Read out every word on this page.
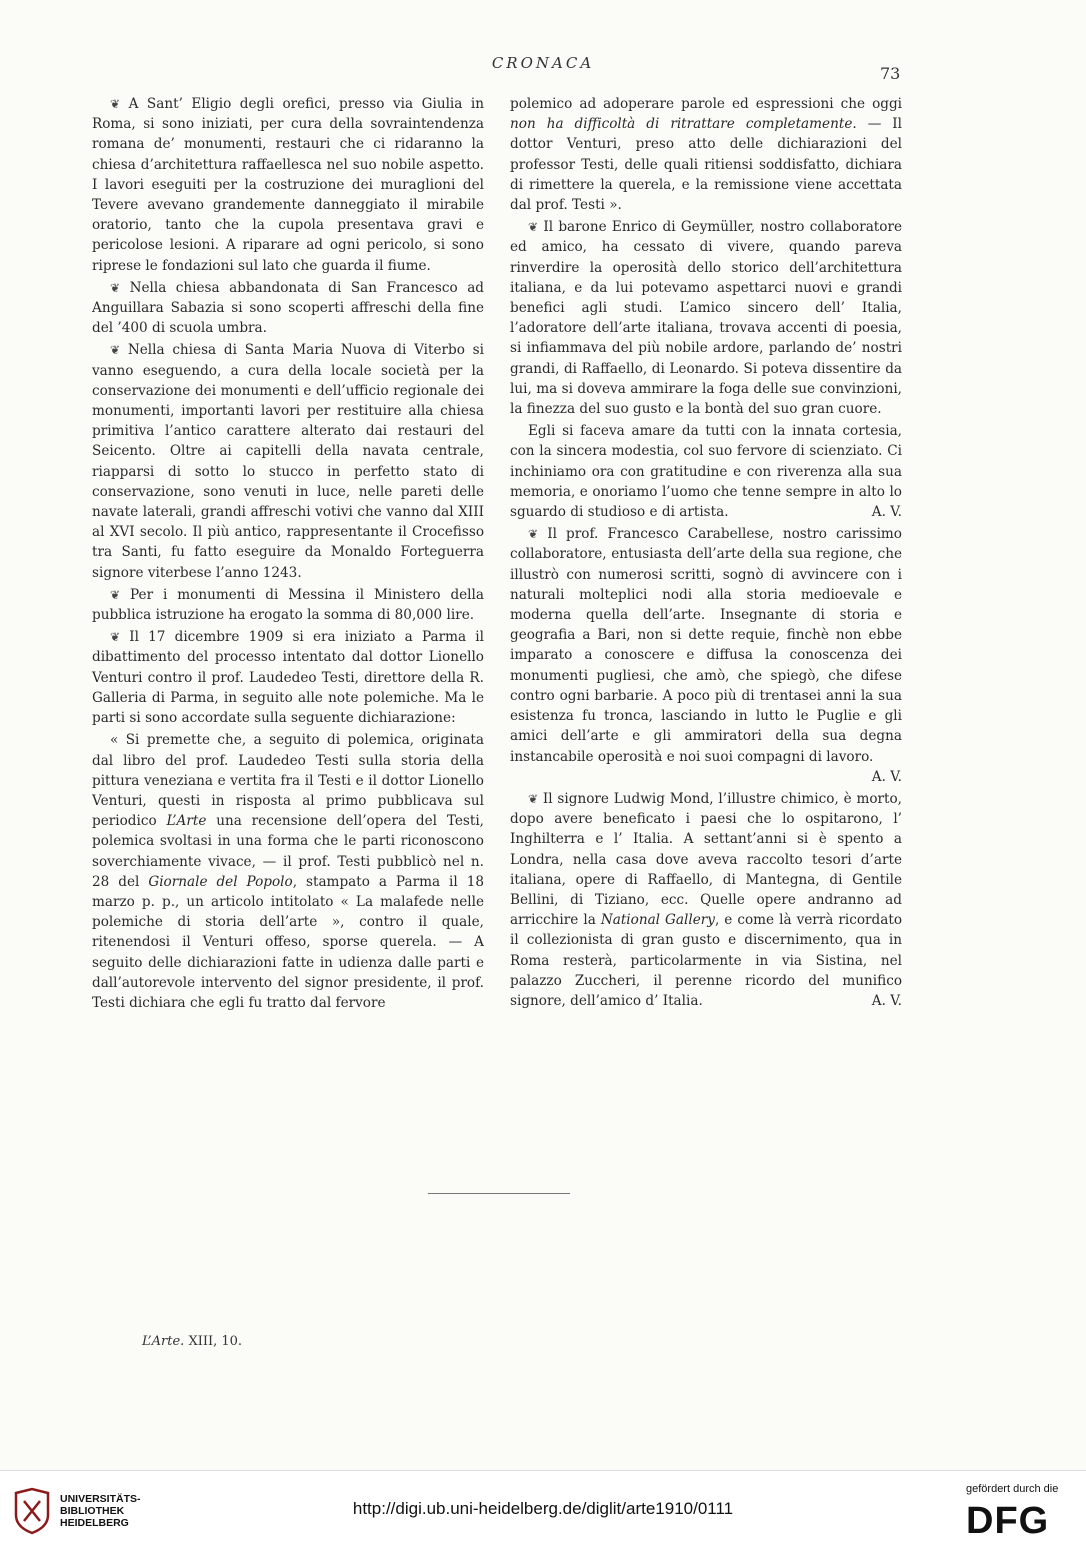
CRONACA
73

❦ A Sant’ Eligio degli orefici, presso via Giulia in Roma, si sono iniziati, per cura della sovraintendenza romana de’ monumenti, restauri che ci ridaranno la chiesa d’architettura raffaellesca nel suo nobile aspetto. I lavori eseguiti per la costruzione dei muraglioni del Tevere avevano grandemente danneggiato il mirabile oratorio, tanto che la cupola presentava gravi e pericolose lesioni. A riparare ad ogni pericolo, si sono riprese le fondazioni sul lato che guarda il fiume.

❦ Nella chiesa abbandonata di San Francesco ad Anguillara Sabazia si sono scoperti affreschi della fine del ’400 di scuola umbra.

❦ Nella chiesa di Santa Maria Nuova di Viterbo si vanno eseguendo, a cura della locale società per la conservazione dei monumenti e dell’ufficio regionale dei monumenti, importanti lavori per restituire alla chiesa primitiva l’antico carattere alterato dai restauri del Seicento. Oltre ai capitelli della navata centrale, riapparsi di sotto lo stucco in perfetto stato di conservazione, sono venuti in luce, nelle pareti delle navate laterali, grandi affreschi votivi che vanno dal XIII al XVI secolo. Il più antico, rappresentante il Crocefisso tra Santi, fu fatto eseguire da Monaldo Forteguerra signore viterbese l’anno 1243.

❦ Per i monumenti di Messina il Ministero della pubblica istruzione ha erogato la somma di 80,000 lire.

❦ Il 17 dicembre 1909 si era iniziato a Parma il dibattimento del processo intentato dal dottor Lionello Venturi contro il prof. Laudedeo Testi, direttore della R. Galleria di Parma, in seguito alle note polemiche. Ma le parti si sono accordate sulla seguente dichiarazione:

« Si premette che, a seguito di polemica, originata dal libro del prof. Laudedeo Testi sulla storia della pittura veneziana e vertita fra il Testi e il dottor Lionello Venturi, questi in risposta al primo pubblicava sul periodico L’Arte una recensione dell’opera del Testi, polemica svoltasi in una forma che le parti riconoscono soverchiamente vivace, — il prof. Testi pubblicò nel n. 28 del Giornale del Popolo, stampato a Parma il 18 marzo p. p., un articolo intitolato « La malafede nelle polemiche di storia dell’arte », contro il quale, ritenendosi il Venturi offeso, sporse querela. — A seguito delle dichiarazioni fatte in udienza dalle parti e dall’autorevole intervento del signor presidente, il prof. Testi dichiara che egli fu tratto dal fervore

polemico ad adoperare parole ed espressioni che oggi non ha difficoltà di ritrattare completamente. — Il dottor Venturi, preso atto delle dichiarazioni del professor Testi, delle quali ritiensi soddisfatto, dichiara di rimettere la querela, e la remissione viene accettata dal prof. Testi ».

❦ Il barone Enrico di Geymüller, nostro collaboratore ed amico, ha cessato di vivere, quando pareva rinverdire la operosità dello storico dell’architettura italiana, e da lui potevamo aspettarci nuovi e grandi benefici agli studi. L’amico sincero dell’ Italia, l’adoratore dell’arte italiana, trovava accenti di poesia, si infiammava del più nobile ardore, parlando de’ nostri grandi, di Raffaello, di Leonardo. Si poteva dissentire da lui, ma si doveva ammirare la foga delle sue convinzioni, la finezza del suo gusto e la bontà del suo gran cuore.

Egli si faceva amare da tutti con la innata cortesia, con la sincera modestia, col suo fervore di scienziato. Ci inchiniamo ora con gratitudine e con riverenza alla sua memoria, e onoriamo l’uomo che tenne sempre in alto lo sguardo di studioso e di artista.	A. V.

❦ Il prof. Francesco Carabellese, nostro carissimo collaboratore, entusiasta dell’arte della sua regione, che illustrò con numerosi scritti, sognò di avvincere con i naturali molteplici nodi alla storia medioevale e moderna quella dell’arte. Insegnante di storia e geografia a Bari, non si dette requie, finchè non ebbe imparato a conoscere e diffusa la conoscenza dei monumenti pugliesi, che amò, che spiegò, che difese contro ogni barbarie. A poco più di trentasei anni la sua esistenza fu tronca, lasciando in lutto le Puglie e gli amici dell’arte e gli ammiratori della sua degna instancabile operosità e noi suoi compagni di lavoro.
A. V.

❦ Il signore Ludwig Mond, l’illustre chimico, è morto, dopo avere beneficato i paesi che lo ospitarono, l’ Inghilterra e l’ Italia. A settant’anni si è spento a Londra, nella casa dove aveva raccolto tesori d’arte italiana, opere di Raffaello, di Mantegna, di Gentile Bellini, di Tiziano, ecc. Quelle opere andranno ad arricchire la National Gallery, e come là verrà ricordato il collezionista di gran gusto e discernimento, qua in Roma resterà, particolarmente in via Sistina, nel palazzo Zuccheri, il perenne ricordo del munifico signore, dell’amico d’ Italia.	A. V.

L’Arte. XIII, 10.
UNIVERSITÄTS-
BIBLIOTHEK
HEIDELBERG
http://digi.ub.uni-heidelberg.de/diglit/arte1910/0111
gefördert durch die
DFG
